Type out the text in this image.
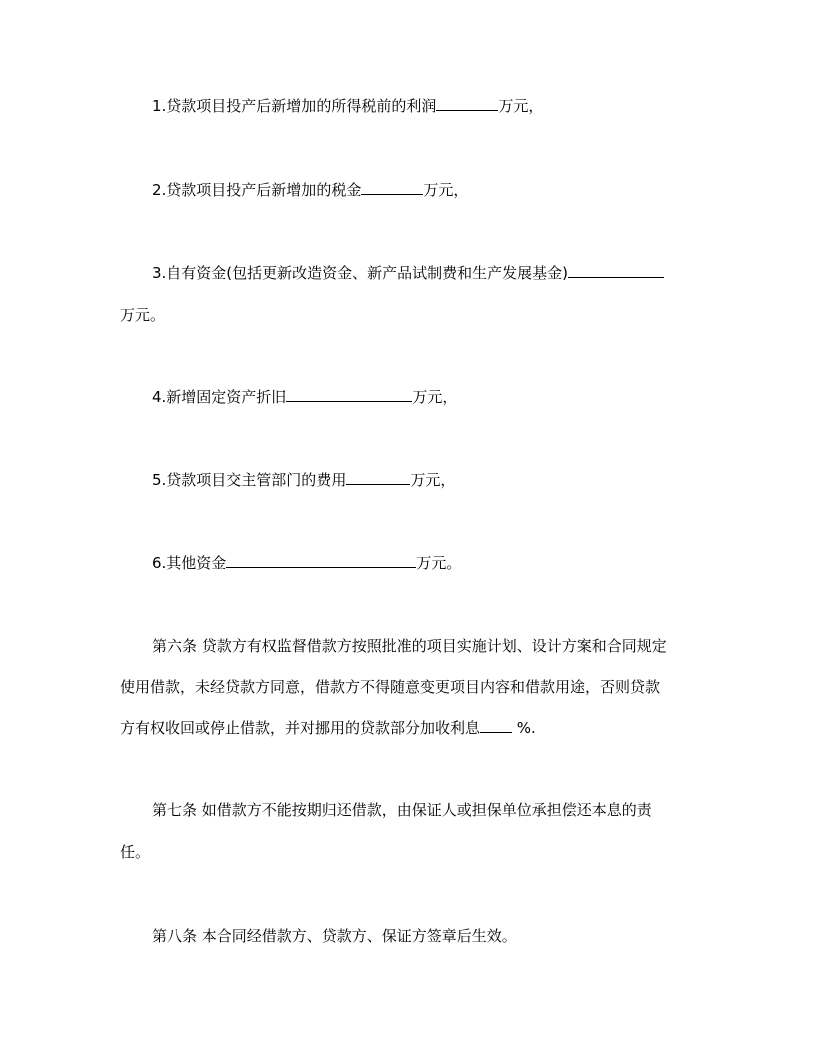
1.贷款项目投产后新增加的所得税前的利润	万元，
2.贷款项目投产后新增加的税金	万元，
3.自有资金(包括更新改造资金、新产品试制费和生产发展基金)
万元。
4.新增固定资产折旧	万元，
5.贷款项目交主管部门的费用	万元，
6.其他资金	万元。
第六条 贷款方有权监督借款方按照批准的项目实施计划、设计方案和合同规定
使用借款，未经贷款方同意，借款方不得随意变更项目内容和借款用途，否则贷款
方有权收回或停止借款，并对挪用的贷款部分加收利息 %.
第七条 如借款方不能按期归还借款，由保证人或担保单位承担偿还本息的责
任。
第八条 本合同经借款方、贷款方、保证方签章后生效。
